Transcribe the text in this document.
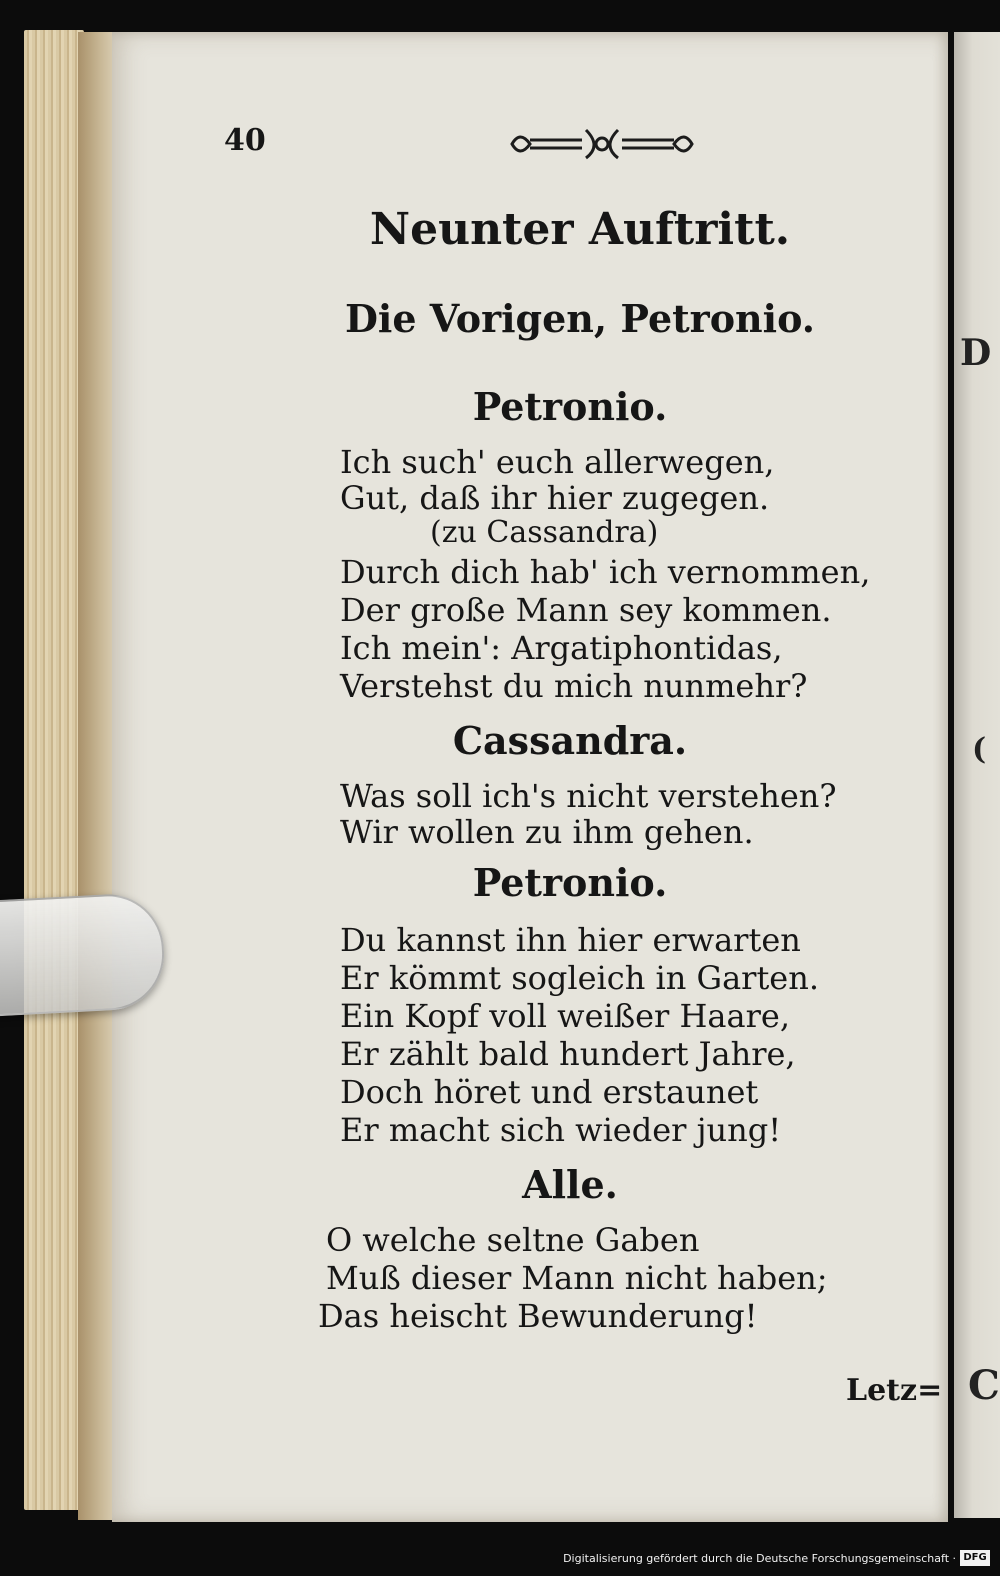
D
(
C
40
Neunter Auftritt.
Die Vorigen, Petronio.
Petronio.
Ich such' euch allerwegen,
Gut, daß ihr hier zugegen.
(zu Cassandra)
Durch dich hab' ich vernommen,
Der große Mann sey kommen.
Ich mein': Argatiphontidas,
Verstehst du mich nunmehr?
Cassandra.
Was soll ich's nicht verstehen?
Wir wollen zu ihm gehen.
Petronio.
Du kannst ihn hier erwarten
Er kömmt sogleich in Garten.
Ein Kopf voll weißer Haare,
Er zählt bald hundert Jahre,
Doch höret und erstaunet
Er macht sich wieder jung!
Alle.
O welche seltne Gaben
Muß dieser Mann nicht haben;
Das heischt Bewunderung!
Letz=
Digitalisierung gefördert durch die Deutsche Forschungsgemeinschaft · DFG
